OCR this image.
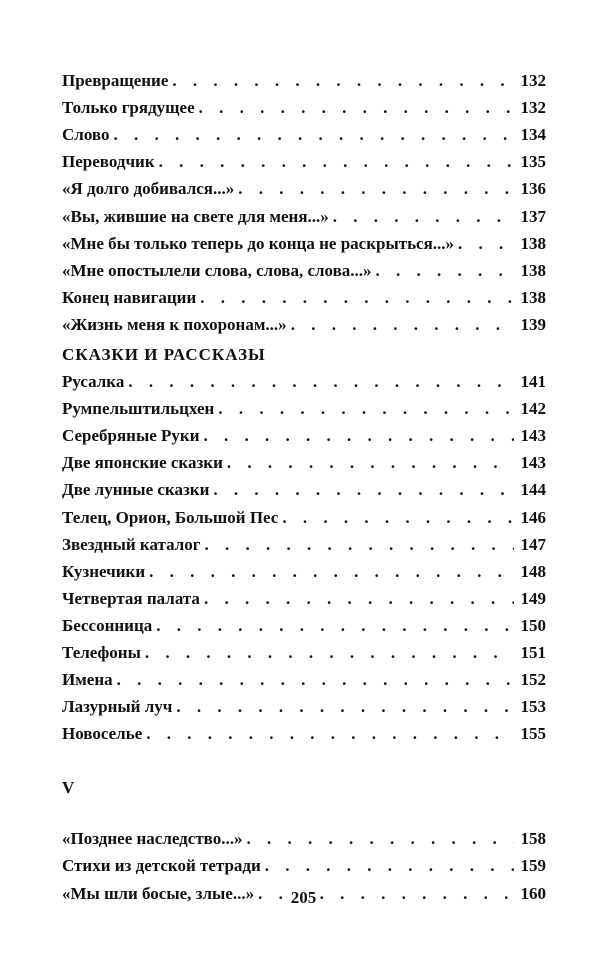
Превращение . . .	132
Только грядущее . . .	132
Слово . . .	134
Переводчик . . .	135
«Я долго добивался...» . . .	136
«Вы, жившие на свете для меня...» . . .	137
«Мне бы только теперь до конца не раскрыться...» . . .	138
«Мне опостылели слова, слова, слова...» . . .	138
Конец навигации . . .	138
«Жизнь меня к похоронам...» . . .	139
СКАЗКИ И РАССКАЗЫ
Русалка . . .	141
Румпельштильцхен . . .	142
Серебряные Руки . . .	143
Две японские сказки . . .	143
Две лунные сказки . . .	144
Телец, Орион, Большой Пес . . .	146
Звездный каталог . . .	147
Кузнечики . . .	148
Четвертая палата . . .	149
Бессонница . . .	150
Телефоны . . .	151
Имена . . .	152
Лазурный луч . . .	153
Новоселье . . .	155
V
«Позднее наследство...» . . .	158
Стихи из детской тетради . . .	159
«Мы шли босые, злые...» . . .	160
205
